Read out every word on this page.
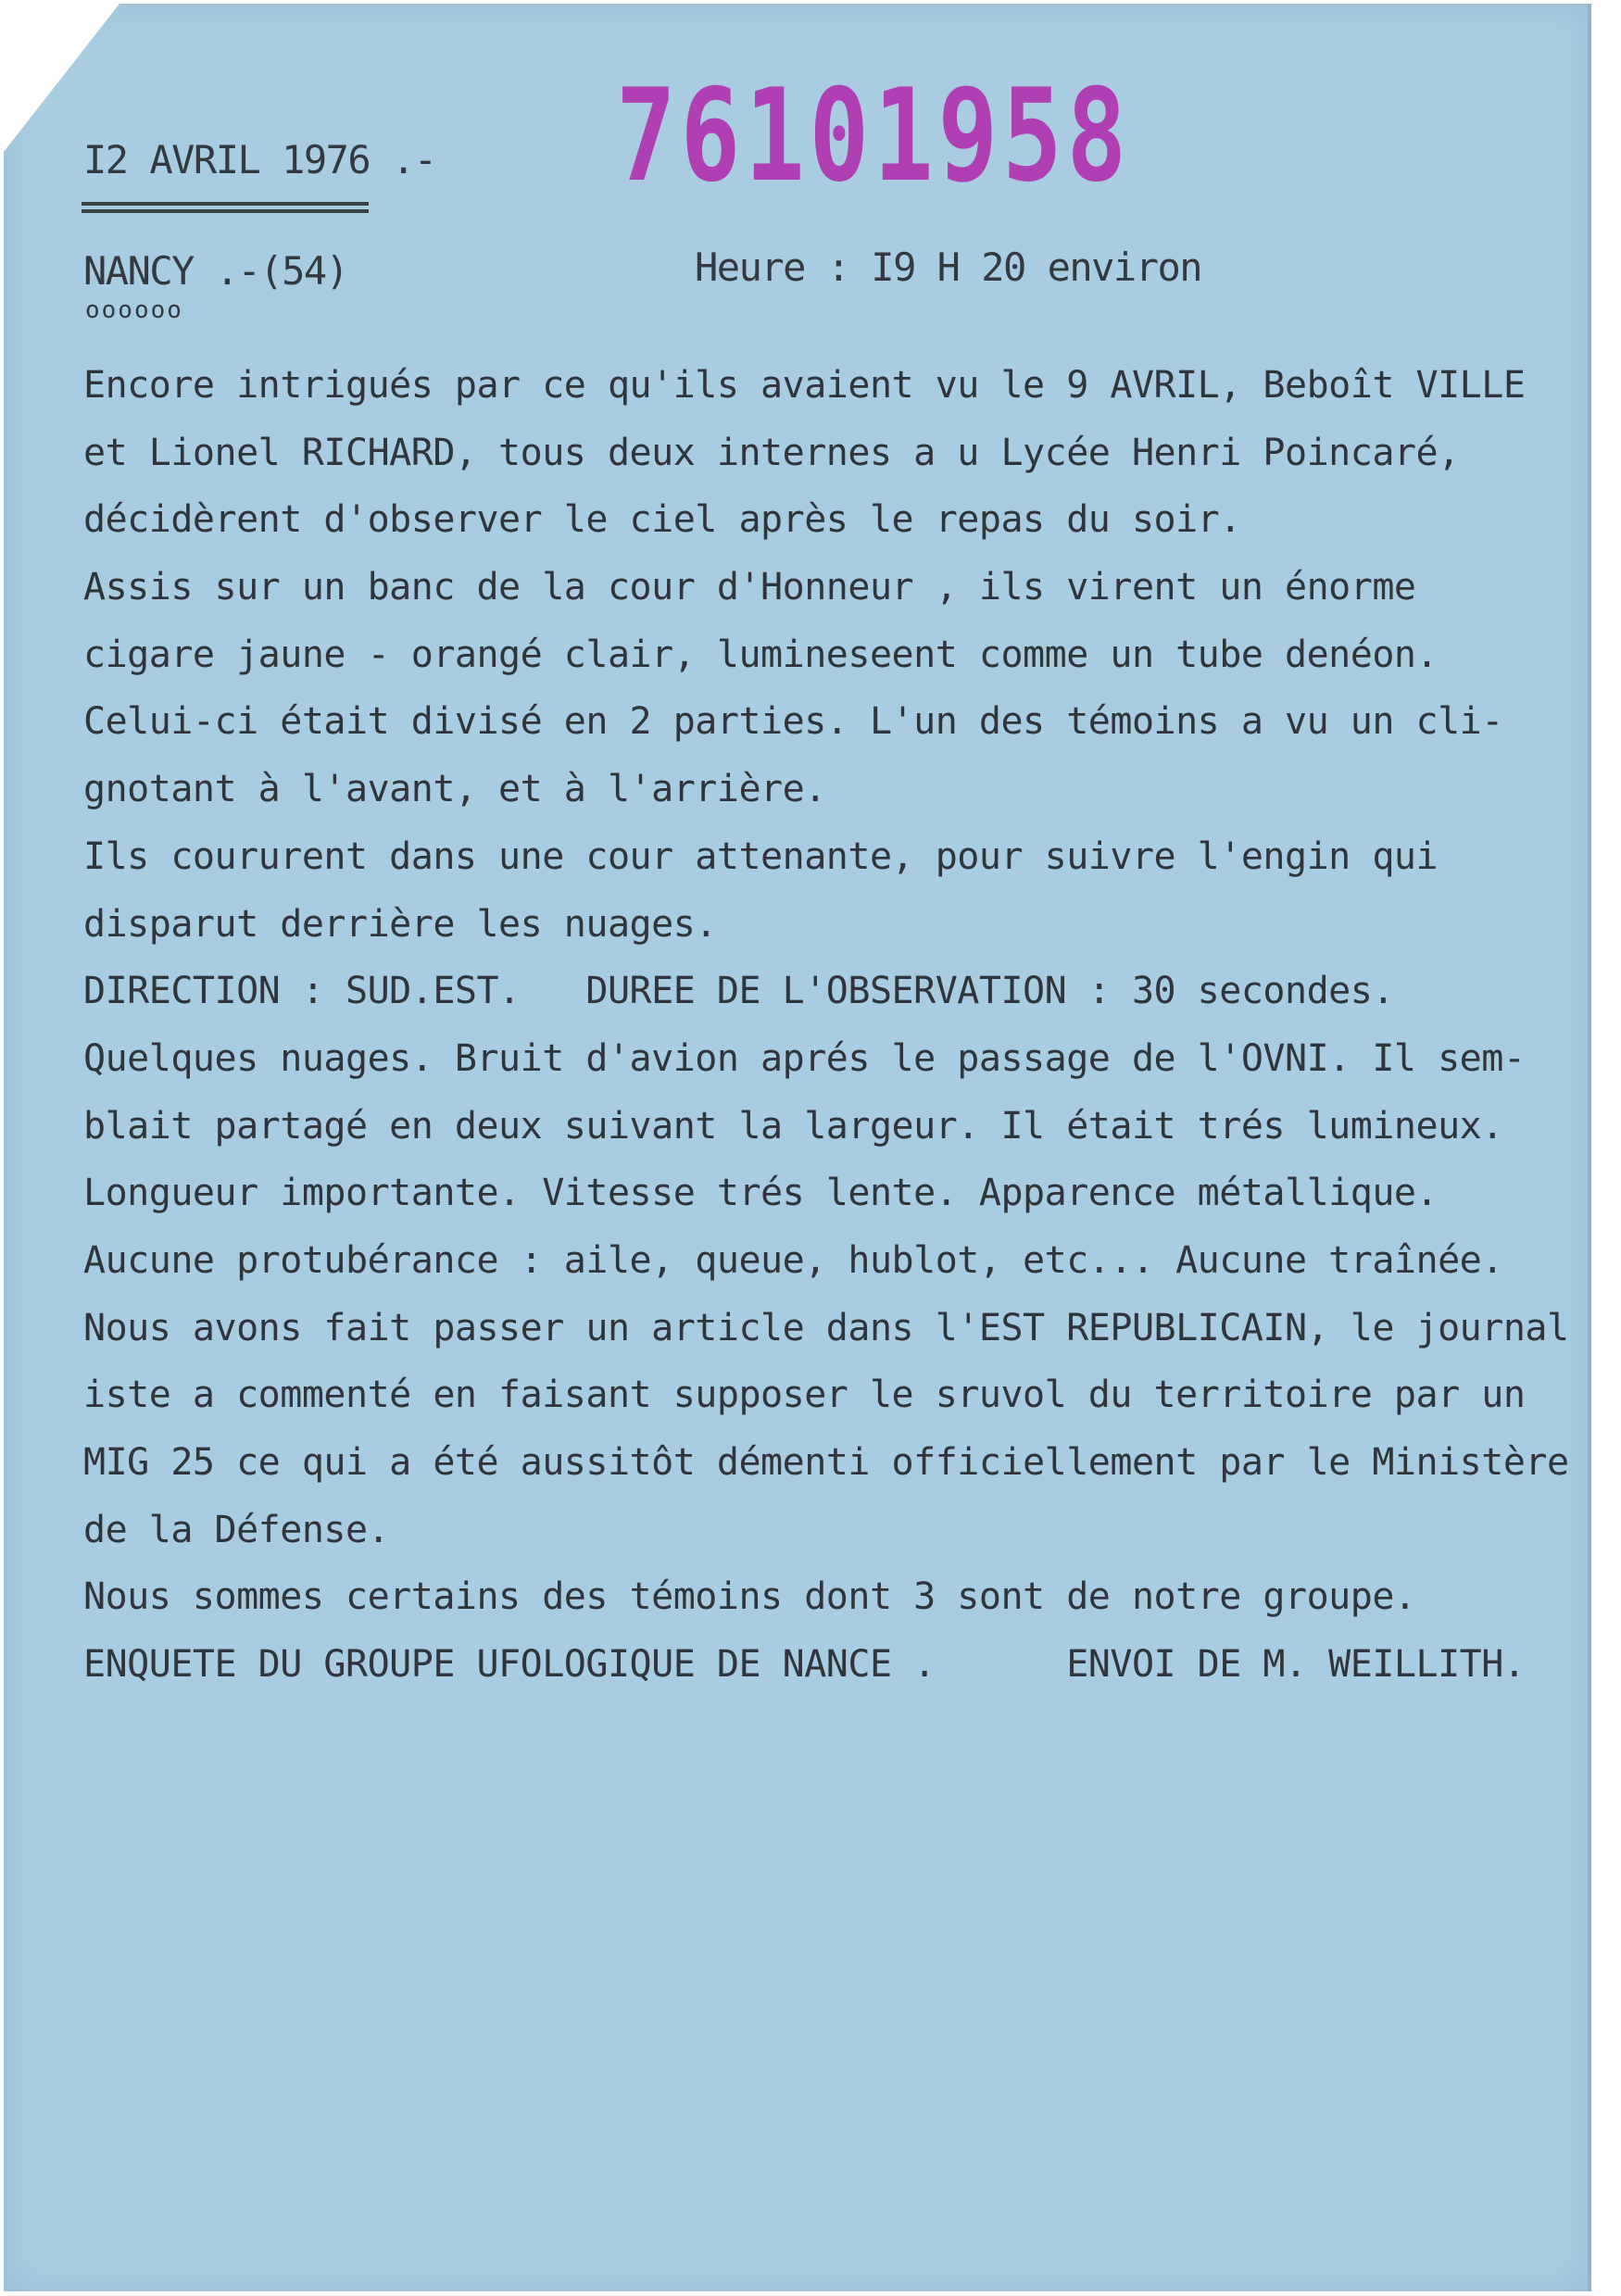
76101958
I2 AVRIL 1976 .-
NANCY .-(54)
oooooo
Heure : I9 H 20 environ
Encore intrigués par ce qu'ils avaient vu le 9 AVRIL, Beboît VILLE
et Lionel RICHARD, tous deux internes a u Lycée Henri Poincaré,
décidèrent d'observer le ciel après le repas du soir.
Assis sur un banc de la cour d'Honneur , ils virent un énorme
cigare jaune - orangé clair, lumineseent comme un tube denéon.
Celui-ci était divisé en 2 parties. L'un des témoins a vu un cli-
gnotant à l'avant, et à l'arrière.
Ils coururent dans une cour attenante, pour suivre l'engin qui
disparut derrière les nuages.
DIRECTION : SUD.EST.   DUREE DE L'OBSERVATION : 30 secondes.
Quelques nuages. Bruit d'avion aprés le passage de l'OVNI. Il sem-
blait partagé en deux suivant la largeur. Il était trés lumineux.
Longueur importante. Vitesse trés lente. Apparence métallique.
Aucune protubérance : aile, queue, hublot, etc... Aucune traînée.
Nous avons fait passer un article dans l'EST REPUBLICAIN, le journal
iste a commenté en faisant supposer le sruvol du territoire par un
MIG 25 ce qui a été aussitôt démenti officiellement par le Ministère
de la Défense.
Nous sommes certains des témoins dont 3 sont de notre groupe.
ENQUETE DU GROUPE UFOLOGIQUE DE NANCE .      ENVOI DE M. WEILLITH.
